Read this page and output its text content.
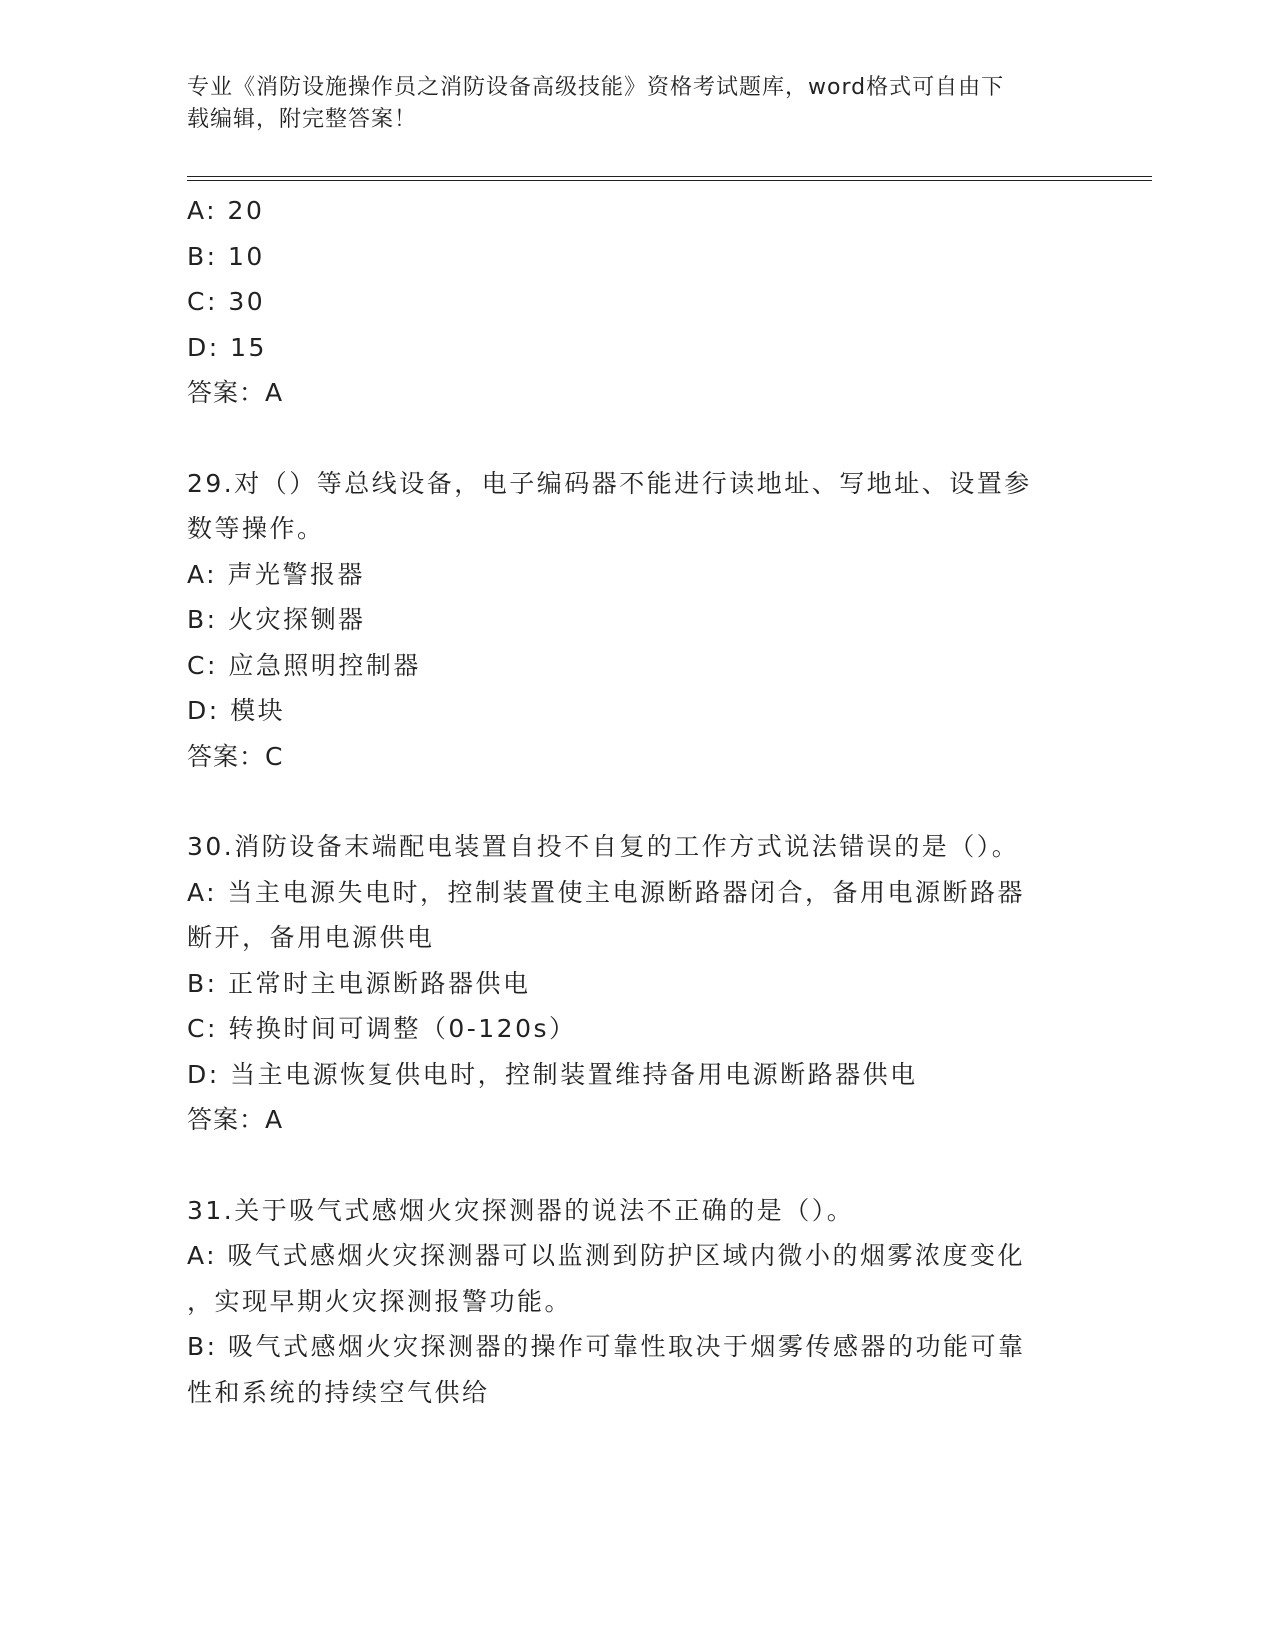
专业《消防设施操作员之消防设备高级技能》资格考试题库，word格式可自由下
载编辑，附完整答案！
A: 20
B: 10
C: 30
D: 15
答案：A
29.对（）等总线设备，电子编码器不能进行读地址、写地址、设置参
数等操作。
A: 声光警报器
B: 火灾探铡器
C: 应急照明控制器
D: 模块
答案：C
30.消防设备末端配电装置自投不自复的工作方式说法错误的是（）。
A: 当主电源失电时，控制装置使主电源断路器闭合，备用电源断路器
断开，备用电源供电
B: 正常时主电源断路器供电
C: 转换时间可调整（0-120s）
D: 当主电源恢复供电时，控制装置维持备用电源断路器供电
答案：A
31.关于吸气式感烟火灾探测器的说法不正确的是（）。
A: 吸气式感烟火灾探测器可以监测到防护区域内微小的烟雾浓度变化
，实现早期火灾探测报警功能。
B: 吸气式感烟火灾探测器的操作可靠性取决于烟雾传感器的功能可靠
性和系统的持续空气供给
